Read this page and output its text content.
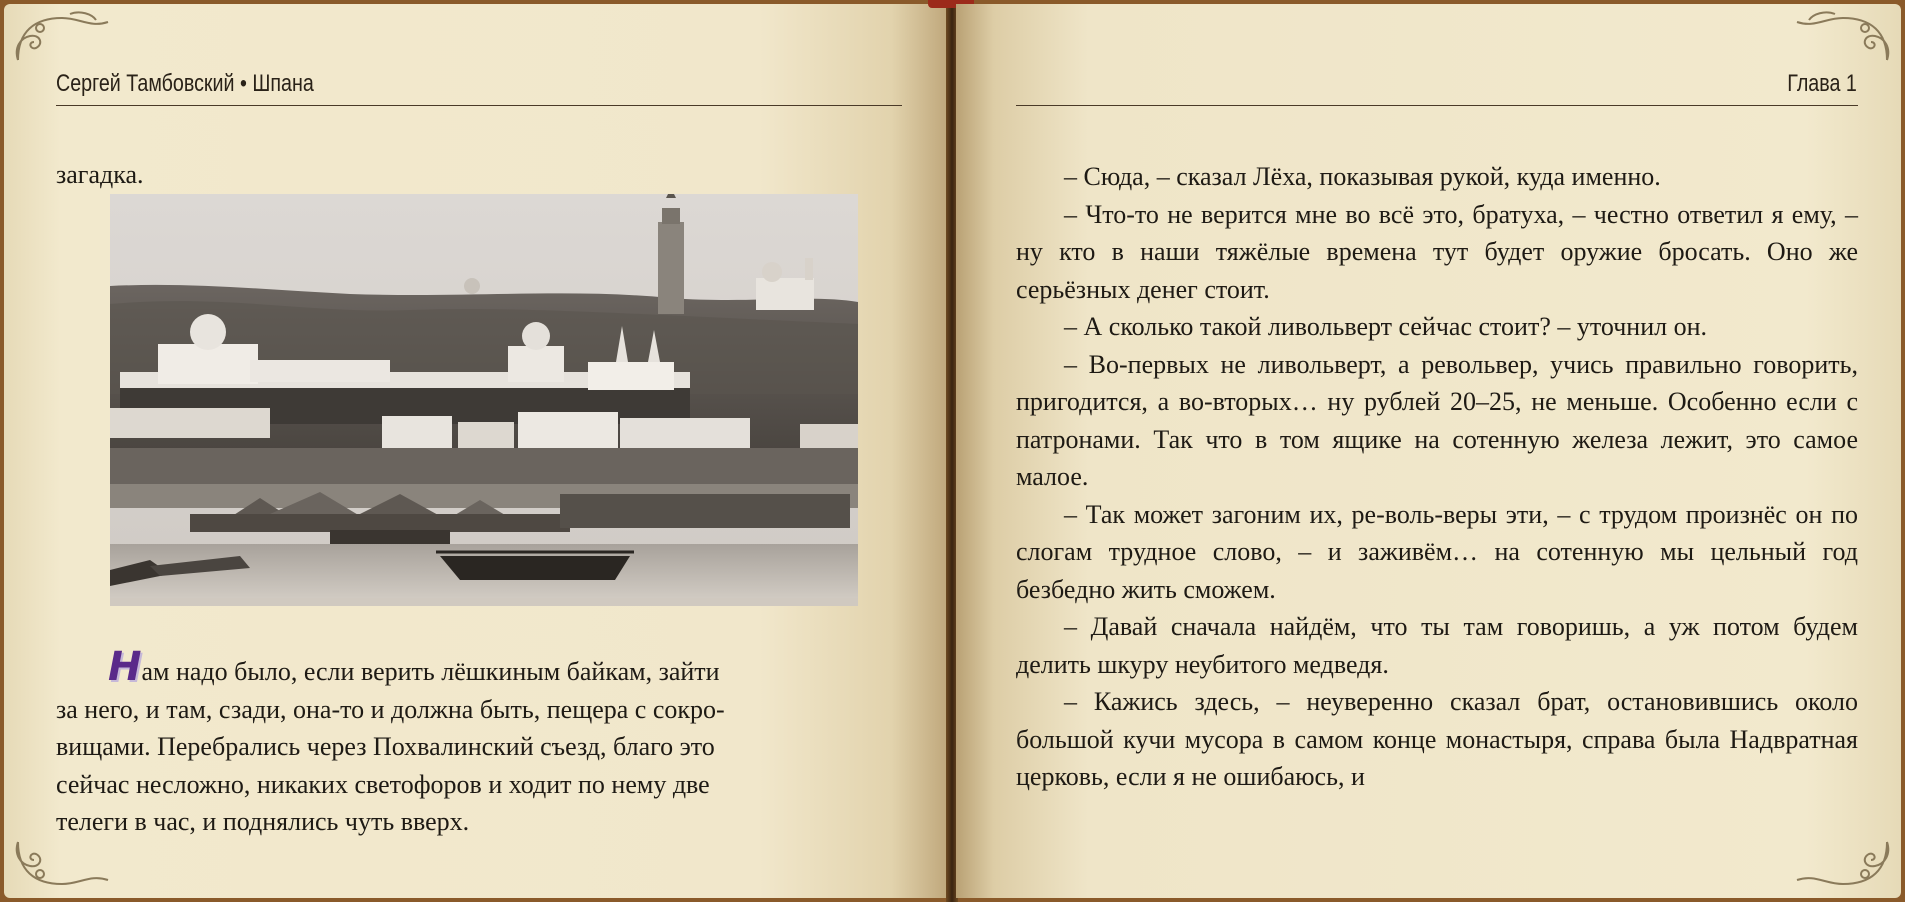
Сергей Тамбовский • Шпана

загадка.

Нам надо было, если верить лёшкиным байкам, зайти

за него, и там, сзади, она-то и должна быть, пещера с сокро-

вищами. Перебрались через Похвалинский съезд, благо это

сейчас несложно, никаких светофоров и ходит по нему две

телеги в час, и поднялись чуть вверх.

Глава 1

– Сюда, – сказал Лёха, показывая рукой, куда именно.

– Что-то не верится мне во всё это, братуха, – честно ответил я ему, – ну кто в наши тяжёлые времена тут будет оружие бросать. Оно же серьёзных денег стоит.

– А сколько такой ливольверт сейчас стоит? – уточнил он.

– Во-первых не ливольверт, а револьвер, учись правильно говорить, пригодится, а во-вторых… ну рублей 20–25, не меньше. Особенно если с патронами. Так что в том ящике на сотенную железа лежит, это самое малое.

– Так может загоним их, ре-воль-веры эти, – с трудом произнёс он по слогам трудное слово, – и заживём… на сотенную мы цельный год безбедно жить сможем.

– Давай сначала найдём, что ты там говоришь, а уж потом будем делить шкуру неубитого медведя.

– Кажись здесь, – неуверенно сказал брат, остановившись около большой кучи мусора в самом конце монастыря, справа была Надвратная церковь, если я не ошибаюсь, и
